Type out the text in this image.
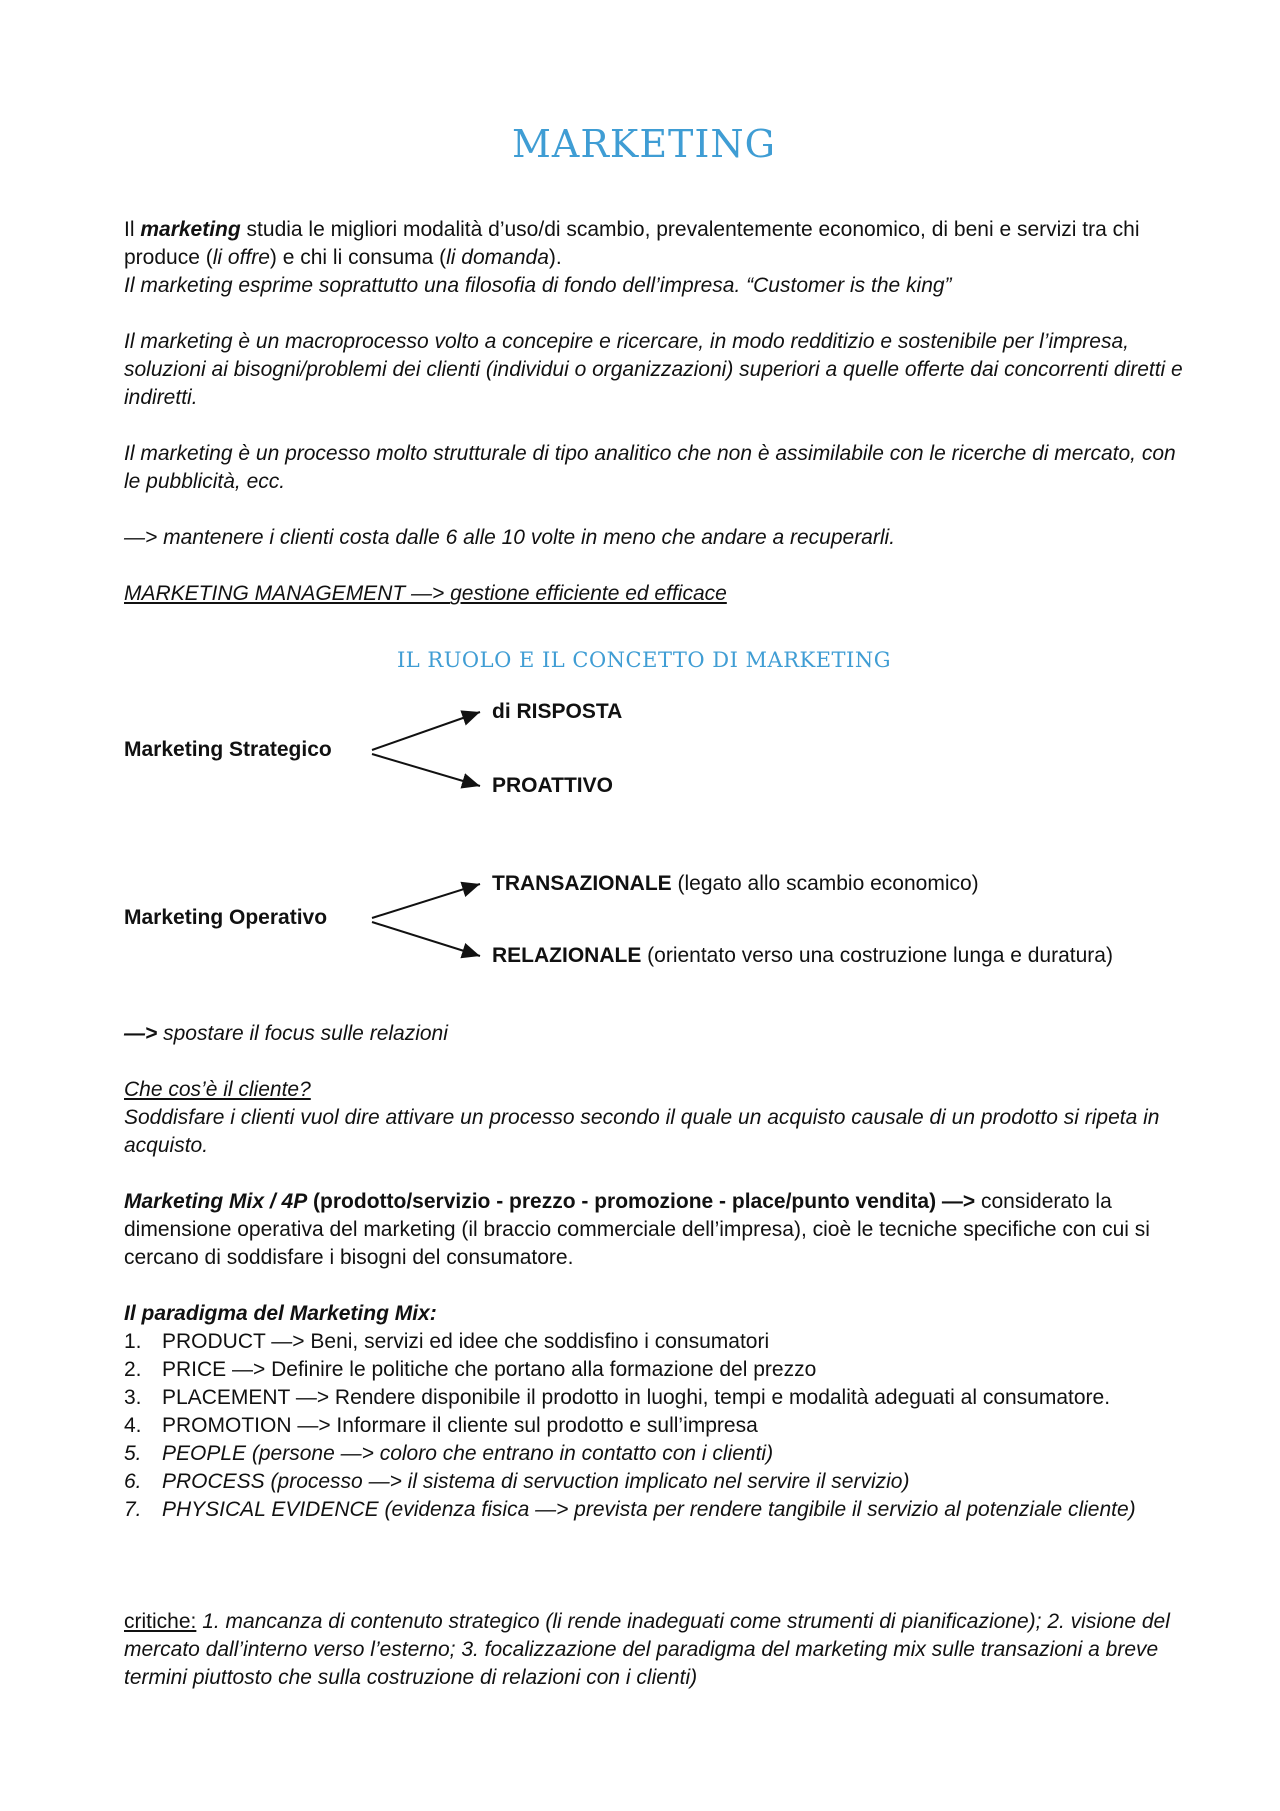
MARKETING

Il marketing studia le migliori modalità d’uso/di scambio, prevalentemente economico, di beni e servizi tra chi produce (li offre) e chi li consuma (li domanda).
Il marketing esprime soprattutto una filosofia di fondo dell’impresa. “Customer is the king”

Il marketing è un macroprocesso volto a concepire e ricercare, in modo redditizio e sostenibile per l’impresa, soluzioni ai bisogni/problemi dei clienti (individui o organizzazioni) superiori a quelle offerte dai concorrenti diretti e indiretti.

Il marketing è un processo molto strutturale di tipo analitico che non è assimilabile con le ricerche di mercato, con le pubblicità, ecc.

—> mantenere i clienti costa dalle 6 alle 10 volte in meno che andare a recuperarli.

MARKETING MANAGEMENT —> gestione efficiente ed efficace

IL RUOLO E IL CONCETTO DI MARKETING
Marketing Strategico
di RISPOSTA
PROATTIVO
Marketing Operativo
TRANSAZIONALE (legato allo scambio economico)
RELAZIONALE (orientato verso una costruzione lunga e duratura)

—> spostare il focus sulle relazioni

Che cos’è il cliente?
Soddisfare i clienti vuol dire attivare un processo secondo il quale un acquisto causale di un prodotto si ripeta in acquisto.

Marketing Mix / 4P (prodotto/servizio - prezzo - promozione - place/punto vendita) —> considerato la dimensione operativa del marketing (il braccio commerciale dell’impresa), cioè le tecniche specifiche con cui si cercano di soddisfare i bisogni del consumatore.

Il paradigma del Marketing Mix:
1. PRODUCT —> Beni, servizi ed idee che soddisfino i consumatori
2. PRICE —> Definire le politiche che portano alla formazione del prezzo
3. PLACEMENT —> Rendere disponibile il prodotto in luoghi, tempi e modalità adeguati al consumatore.
4. PROMOTION —> Informare il cliente sul prodotto e sull’impresa
5. PEOPLE (persone —> coloro che entrano in contatto con i clienti)
6. PROCESS (processo —> il sistema di servuction implicato nel servire il servizio)
7. PHYSICAL EVIDENCE (evidenza fisica —> prevista per rendere tangibile il servizio al potenziale cliente)

critiche: 1. mancanza di contenuto strategico (li rende inadeguati come strumenti di pianificazione); 2. visione del mercato dall’interno verso l’esterno; 3. focalizzazione del paradigma del marketing mix sulle transazioni a breve termini piuttosto che sulla costruzione di relazioni con i clienti)
